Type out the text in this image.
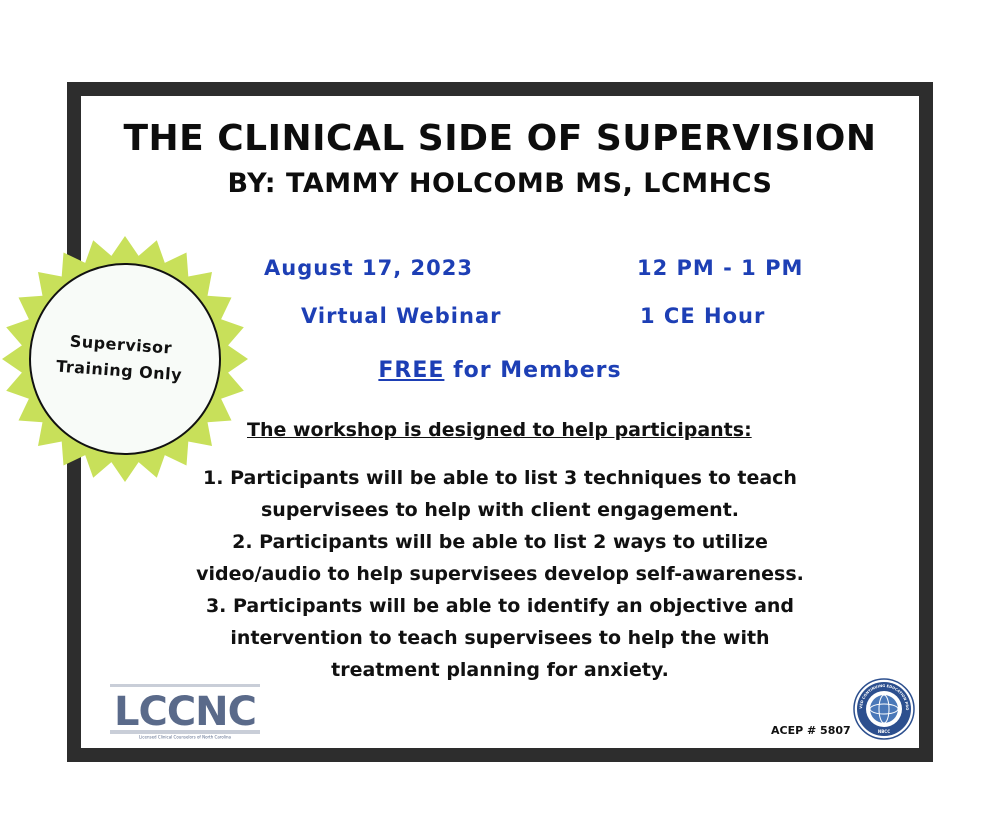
THE CLINICAL SIDE OF SUPERVISION
BY: TAMMY HOLCOMB MS, LCMHCS
August 17, 2023	12 PM - 1 PM
Virtual Webinar	1 CE Hour
FREE for Members
Supervisor
Training Only
The workshop is designed to help participants:
1. Participants will be able to list 3 techniques to teach
supervisees to help with client engagement.
2. Participants will be able to list 2 ways to utilize
video/audio to help supervisees develop self-awareness.
3. Participants will be able to identify an objective and
intervention to teach supervisees to help the with
treatment planning for anxiety.
LCCNC
Licensed Clinical Counselors of North Carolina	ACEP # 5807
VED CONTINUING EDUCATION PRO
NBCC
